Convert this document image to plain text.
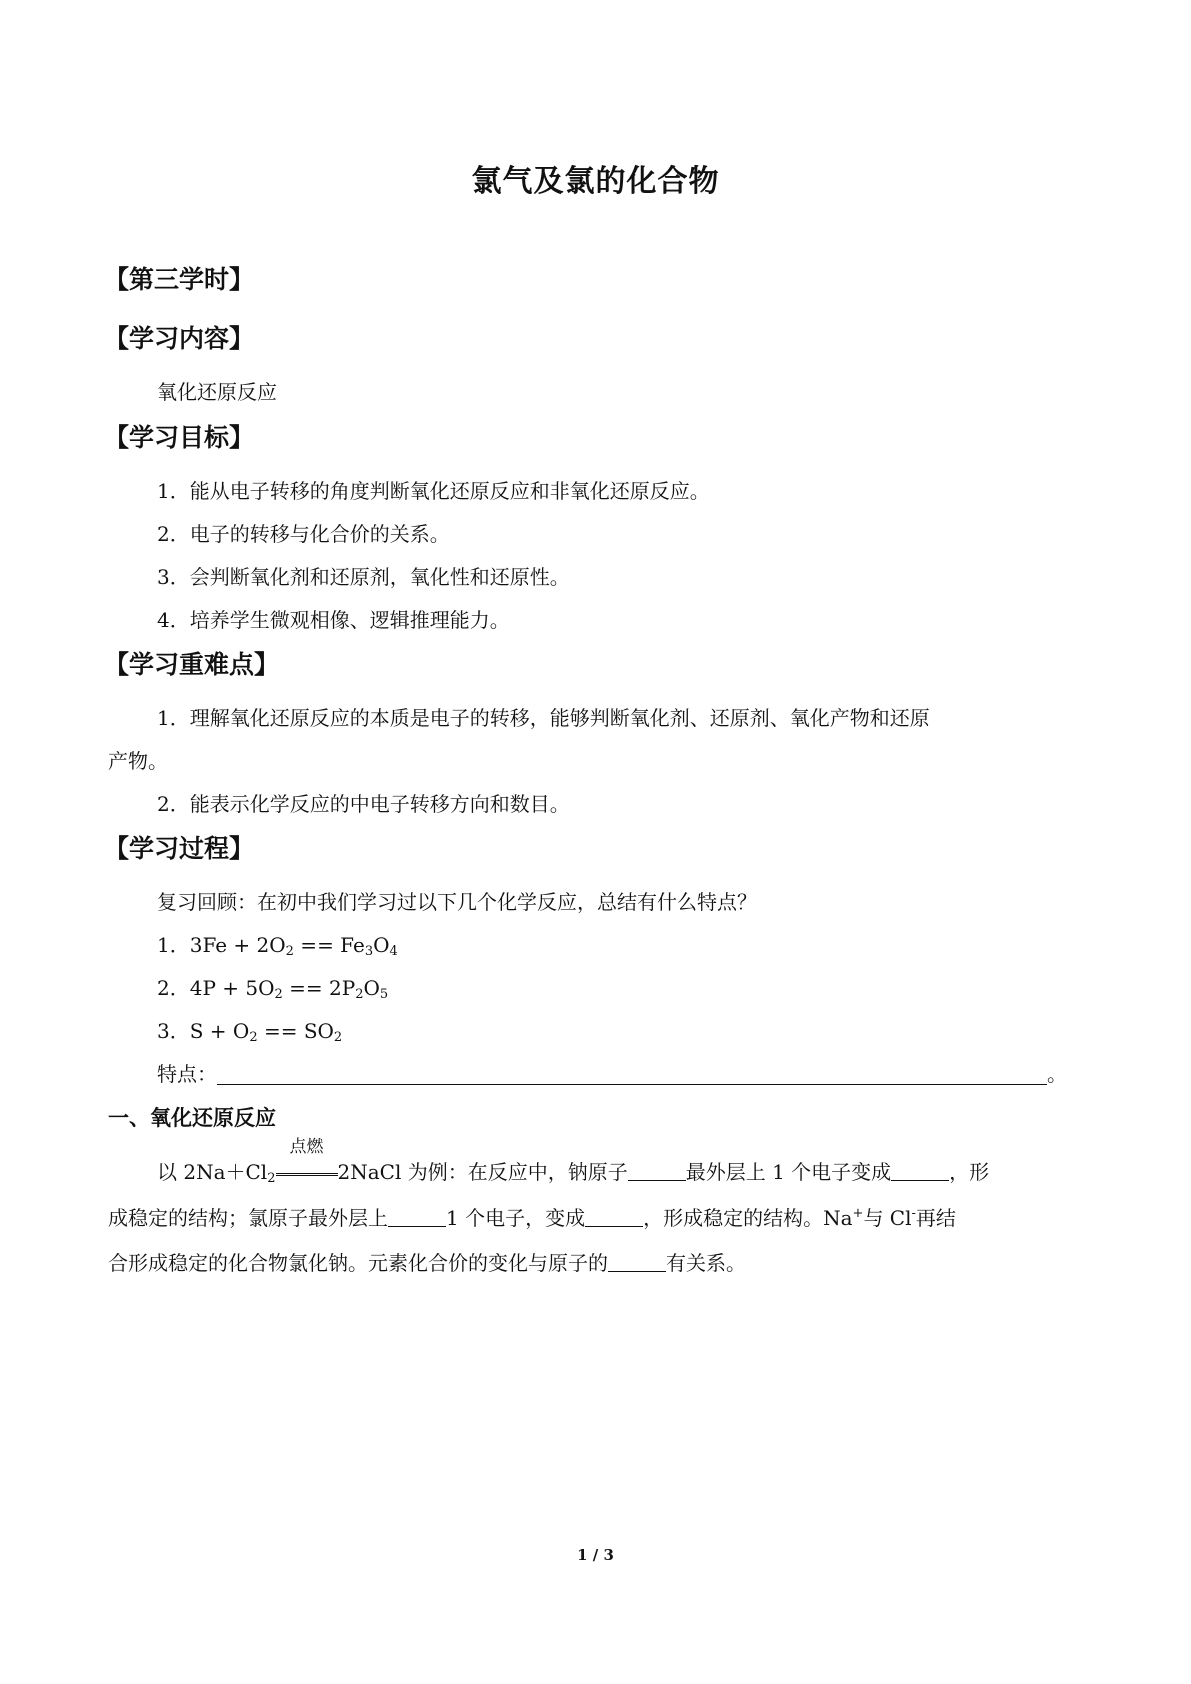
氯气及氯的化合物
【第三学时】
【学习内容】
氧化还原反应
【学习目标】
1．能从电子转移的角度判断氧化还原反应和非氧化还原反应。
2．电子的转移与化合价的关系。
3．会判断氧化剂和还原剂，氧化性和还原性。
4．培养学生微观相像、逻辑推理能力。
【学习重难点】
1．理解氧化还原反应的本质是电子的转移，能够判断氧化剂、还原剂、氧化产物和还原
产物。
2．能表示化学反应的中电子转移方向和数目。
【学习过程】
复习回顾：在初中我们学习过以下几个化学反应，总结有什么特点？
1．$3Fe + 2O_2 == Fe_3O_4$
2．$4P + 5O_2 == 2P_2O_5$
3．$S + O_2 == SO_2$
特点：	。
一、氧化还原反应
以 $2Na+Cl_2$
点燃
2NaCl 为例：在反应中，钠原子	最外层上 1 个电子变成	，形
成稳定的结构；氯原子最外层上	1 个电子，变成	，形成稳定的结构。Na+与 Cl-再结
合形成稳定的化合物氯化钠。元素化合价的变化与原子的	有关系。
1 / 3
